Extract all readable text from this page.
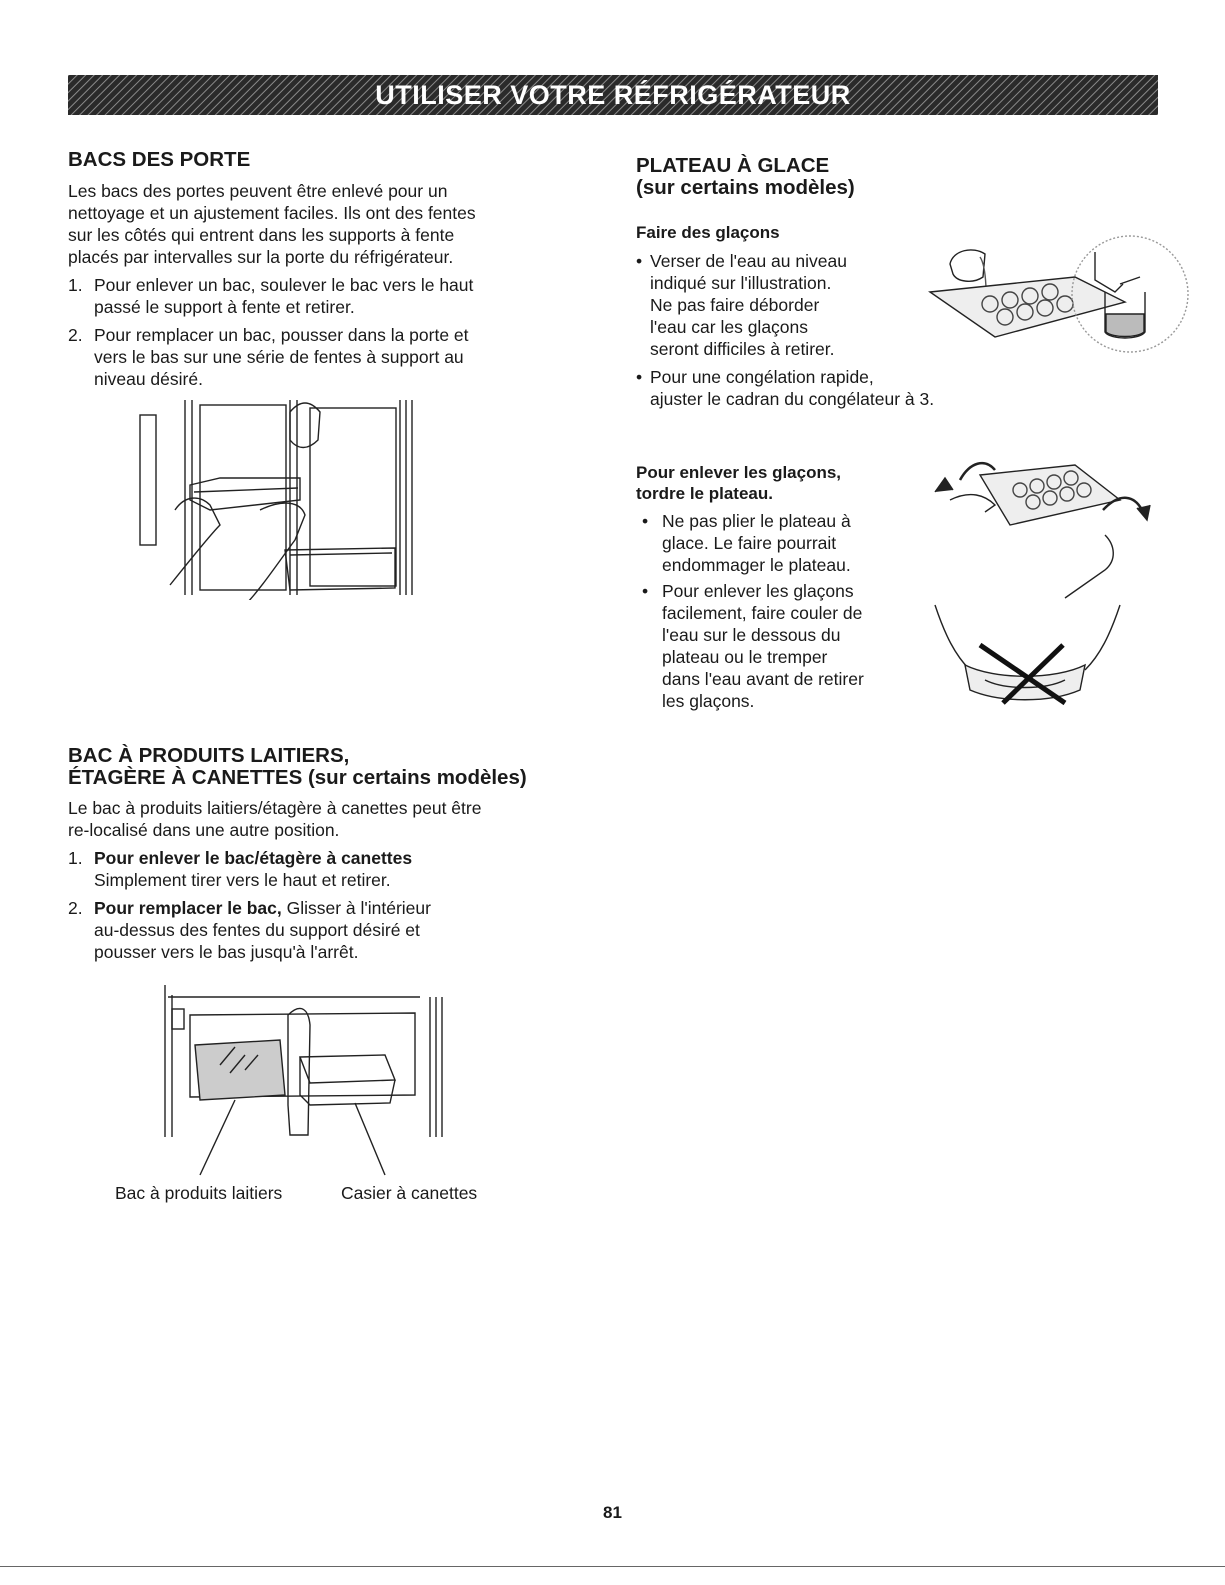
UTILISER VOTRE RÉFRIGÉRATEUR
BACS DES PORTE

Les bacs des portes peuvent être enlevé pour un

nettoyage et un ajustement faciles. Ils ont des fentes

sur les côtés qui entrent dans les supports à fente

placés par intervalles sur la porte du réfrigérateur.

1. Pour enlever un bac, soulever le bac vers le haut
passé le support à fente et retirer.
2. Pour remplacer un bac, pousser dans la porte et
vers le bas sur une série de fentes à support au
niveau désiré.
BAC À PRODUITS LAITIERS,
ÉTAGÈRE À CANETTES (sur certains modèles)

Le bac à produits laitiers/étagère à canettes peut être

re-localisé dans une autre position.

1. Pour enlever le bac/étagère à canettes
Simplement tirer vers le haut et retirer.
2. Pour remplacer le bac, Glisser à l'intérieur
au-dessus des fentes du support désiré et
pousser vers le bas jusqu'à l'arrêt.
Bac à produits laitiers	Casier à canettes
PLATEAU À GLACE
(sur certains modèles)
Faire des glaçons
• Verser de l'eau au niveau
indiqué sur l'illustration.
Ne pas faire déborder
l'eau car les glaçons
seront difficiles à retirer.
• Pour une congélation rapide,
ajuster le cadran du congélateur à 3.
Pour enlever les glaçons,
tordre le plateau.
• Ne pas plier le plateau à
glace. Le faire pourrait
endommager le plateau.
• Pour enlever les glaçons
facilement, faire couler de
l'eau sur le dessous du
plateau ou le tremper
dans l'eau avant de retirer
les glaçons.
81
